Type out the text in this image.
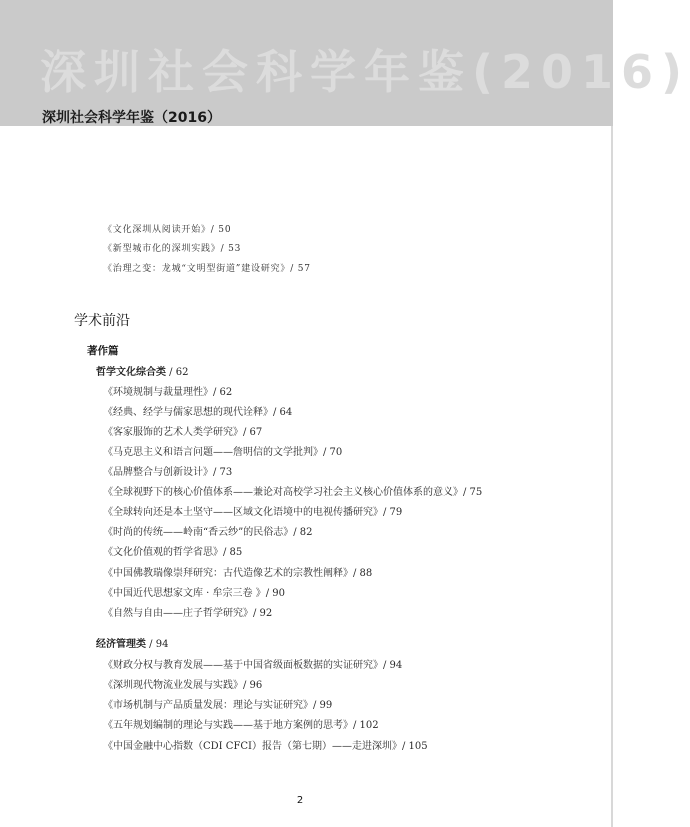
深圳社会科学年鉴(2016)
深圳社会科学年鉴（2016）
《文化深圳从阅读开始》/ 50
《新型城市化的深圳实践》/ 53
《治理之变：龙城“文明型街道”建设研究》/ 57
学术前沿
著作篇
哲学文化综合类 / 62
《环境规制与裁量理性》/ 62
《经典、经学与儒家思想的现代诠释》/ 64
《客家服饰的艺术人类学研究》/ 67
《马克思主义和语言问题——詹明信的文学批判》/ 70
《品牌整合与创新设计》/ 73
《全球视野下的核心价值体系——兼论对高校学习社会主义核心价值体系的意义》/ 75
《全球转向还是本土坚守——区域文化语境中的电视传播研究》/ 79
《时尚的传统——岭南“香云纱”的民俗志》/ 82
《文化价值观的哲学省思》/ 85
《中国佛教瑞像崇拜研究：古代造像艺术的宗教性阐释》/ 88
《中国近代思想家文库 · 牟宗三卷 》/ 90
《自然与自由——庄子哲学研究》/ 92
经济管理类 / 94
《财政分权与教育发展——基于中国省级面板数据的实证研究》/ 94
《深圳现代物流业发展与实践》/ 96
《市场机制与产品质量发展：理论与实证研究》/ 99
《五年规划编制的理论与实践——基于地方案例的思考》/ 102
《中国金融中心指数（CDI CFCI）报告（第七期）——走进深圳》/ 105
2
